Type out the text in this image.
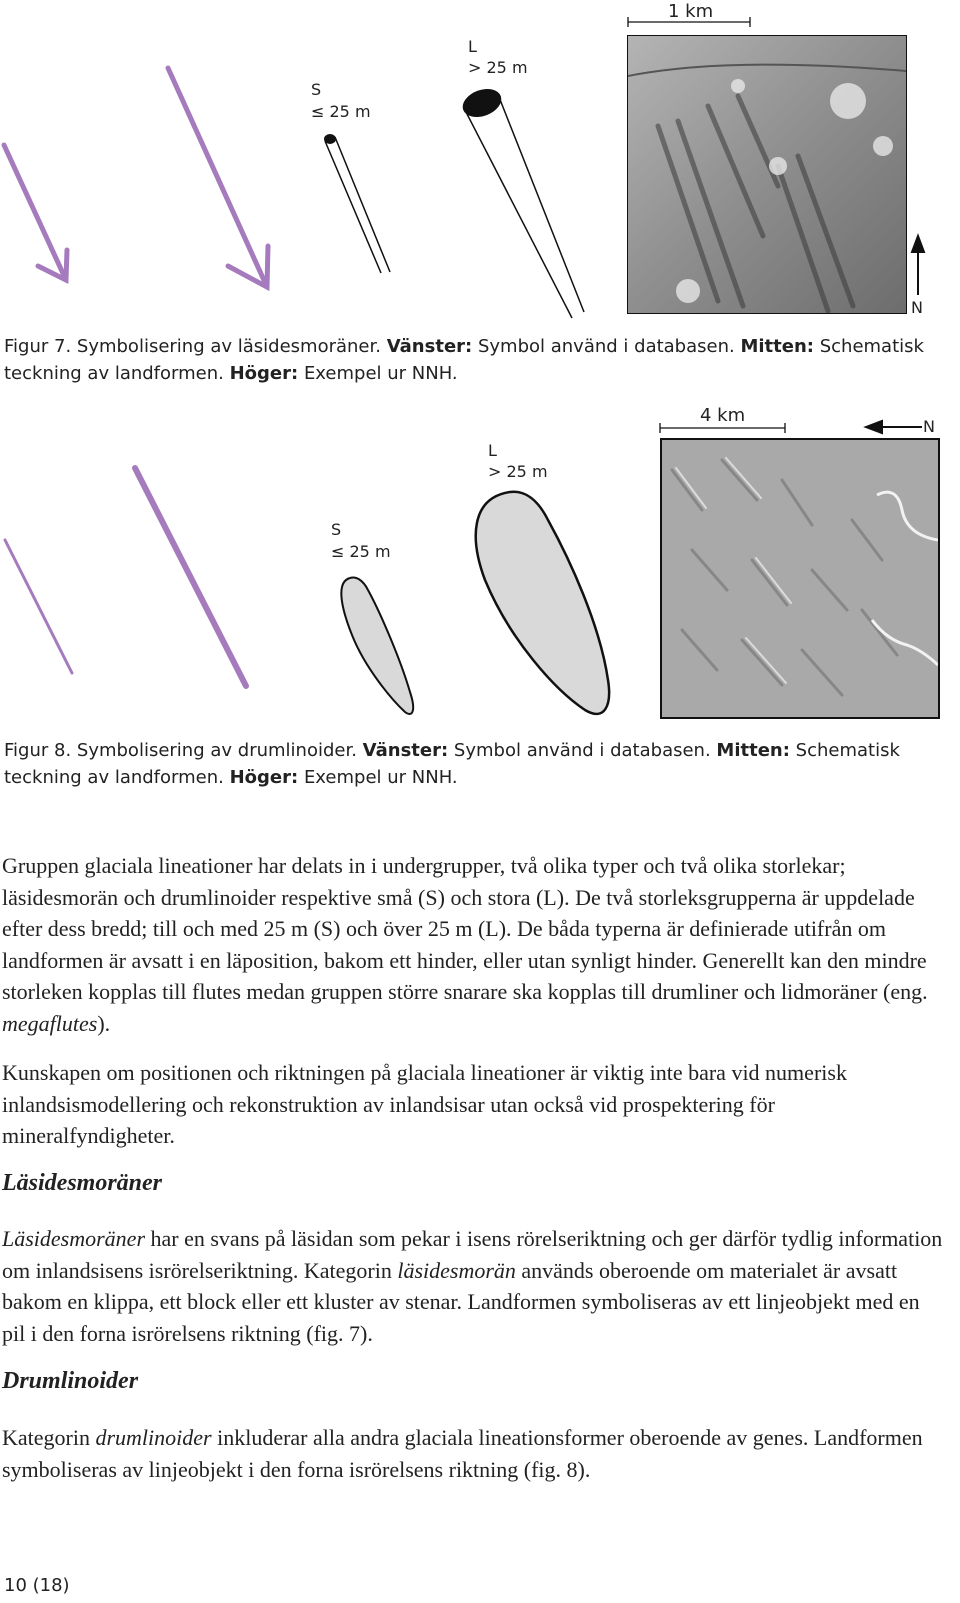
S
≤ 25 m
L
> 25 m
1 km
N
Figur 7. Symbolisering av läsidesmoräner. Vänster: Symbol använd i databasen. Mitten: Schematisk teckning av landformen. Höger: Exempel ur NNH.
S
≤ 25 m
L
> 25 m
4 km
N
Figur 8. Symbolisering av drumlinoider. Vänster: Symbol använd i databasen. Mitten: Schematisk teckning av landformen. Höger: Exempel ur NNH.

Gruppen glaciala lineationer har delats in i undergrupper, två olika typer och två olika storlekar; läsidesmorän och drumlinoider respektive små (S) och stora (L). De två storleksgrupperna är uppdelade efter dess bredd; till och med 25 m (S) och över 25 m (L). De båda typerna är definierade utifrån om landformen är avsatt i en läposition, bakom ett hinder, eller utan synligt hinder. Generellt kan den mindre storleken kopplas till flutes medan gruppen större snarare ska kopplas till drumliner och lidmoräner (eng. megaflutes).

Kunskapen om positionen och riktningen på glaciala lineationer är viktig inte bara vid numerisk inlandsismodellering och rekonstruktion av inlandsisar utan också vid prospektering för mineralfyndigheter.

Läsidesmoräner

Läsidesmoräner har en svans på läsidan som pekar i isens rörelseriktning och ger därför tydlig information om inlandsisens isrörelseriktning. Kategorin läsidesmorän används oberoende om materialet är avsatt bakom en klippa, ett block eller ett kluster av stenar. Landformen symboliseras av ett linjeobjekt med en pil i den forna isrörelsens riktning (fig. 7).

Drumlinoider

Kategorin drumlinoider inkluderar alla andra glaciala lineationsformer oberoende av genes. Landformen symboliseras av linjeobjekt i den forna isrörelsens riktning (fig. 8).

10 (18)
